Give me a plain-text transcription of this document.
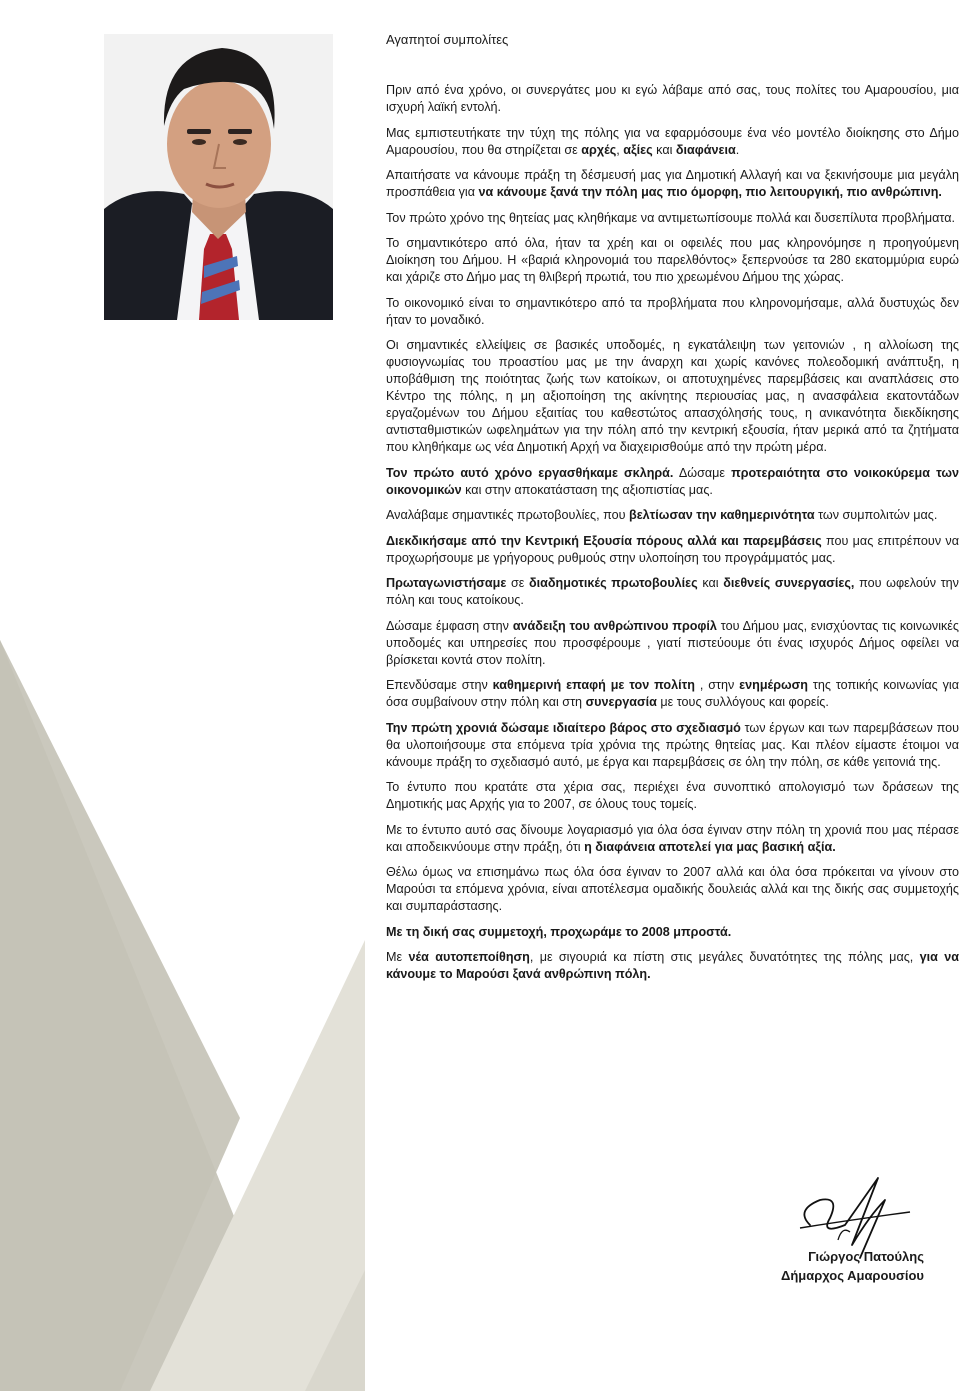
Αγαπητοί συμπολίτες

Πριν από ένα χρόνο, οι συνεργάτες μου κι εγώ λάβαμε από σας, τους πολίτες του Αμαρουσίου, μια ισχυρή λαϊκή εντολή.

Μας εμπιστευτήκατε την τύχη της πόλης για να εφαρμόσουμε ένα νέο μοντέλο διοίκησης στο Δήμο Αμαρουσίου, που θα στηρίζεται σε αρχές, αξίες και διαφάνεια.

Απαιτήσατε να κάνουμε πράξη τη δέσμευσή μας για Δημοτική Αλλαγή και να ξεκινήσουμε μια μεγάλη προσπάθεια για να κάνουμε ξανά την πόλη μας πιο όμορφη, πιο λειτουργική, πιο ανθρώπινη.

Τον πρώτο χρόνο της θητείας μας κληθήκαμε να αντιμετωπίσουμε πολλά και δυσεπίλυτα προβλήματα.

Το σημαντικότερο από όλα, ήταν τα χρέη και οι οφειλές που μας κληρονόμησε η προηγούμενη Διοίκηση του Δήμου. Η «βαριά κληρονομιά του παρελθόντος» ξεπερνούσε τα 280 εκατομμύρια ευρώ και χάριζε στο Δήμο μας τη θλιβερή πρωτιά, του πιο χρεωμένου Δήμου της χώρας.

Το οικονομικό είναι το σημαντικότερο από τα προβλήματα που κληρονομήσαμε, αλλά δυστυχώς δεν ήταν το μοναδικό.

Οι σημαντικές ελλείψεις σε βασικές υποδομές, η εγκατάλειψη των γειτονιών , η αλλοίωση της φυσιογνωμίας του προαστίου μας με την άναρχη και χωρίς κανόνες πολεοδομική ανάπτυξη, η υποβάθμιση της ποιότητας ζωής των κατοίκων, οι αποτυχημένες παρεμβάσεις και αναπλάσεις στο Κέντρο της πόλης, η μη αξιοποίηση της ακίνητης περιουσίας μας, η ανασφάλεια εκατοντάδων εργαζομένων του Δήμου εξαιτίας του καθεστώτος απασχόλησής τους, η ανικανότητα διεκδίκησης αντισταθμιστικών ωφελημάτων για την πόλη από την κεντρική εξουσία, ήταν μερικά από τα ζητήματα που κληθήκαμε ως νέα Δημοτική Αρχή να διαχειρισθούμε από την πρώτη μέρα.

Τον πρώτο αυτό χρόνο εργασθήκαμε σκληρά. Δώσαμε προτεραιότητα στο νοικοκύρεμα των οικονομικών και στην αποκατάσταση της αξιοπιστίας μας.

Αναλάβαμε σημαντικές πρωτοβουλίες, που βελτίωσαν την καθημερινότητα των συμπολιτών μας.

Διεκδικήσαμε από την Κεντρική Εξουσία πόρους αλλά και παρεμβάσεις που μας επιτρέπουν να προχωρήσουμε με γρήγορους ρυθμούς στην υλοποίηση του προγράμματός μας.

Πρωταγωνιστήσαμε σε διαδημοτικές πρωτοβουλίες και διεθνείς συνεργασίες, που ωφελούν την πόλη και τους κατοίκους.

Δώσαμε έμφαση στην ανάδειξη του ανθρώπινου προφίλ του Δήμου μας, ενισχύοντας τις κοινωνικές υποδομές και υπηρεσίες που προσφέρουμε , γιατί πιστεύουμε ότι ένας ισχυρός Δήμος οφείλει να βρίσκεται κοντά στον πολίτη.

Επενδύσαμε στην καθημερινή επαφή με τον πολίτη , στην ενημέρωση της τοπικής κοινωνίας για όσα συμβαίνουν στην πόλη και στη συνεργασία με τους συλλόγους και φορείς.

Την πρώτη χρονιά δώσαμε ιδιαίτερο βάρος στο σχεδιασμό των έργων και των παρεμβάσεων που θα υλοποιήσουμε στα επόμενα τρία χρόνια της πρώτης θητείας μας. Και πλέον είμαστε έτοιμοι να κάνουμε πράξη το σχεδιασμό αυτό, με έργα και παρεμβάσεις σε όλη την πόλη, σε κάθε γειτονιά της.

Το έντυπο που κρατάτε στα χέρια σας, περιέχει ένα συνοπτικό απολογισμό των δράσεων της Δημοτικής μας Αρχής για το 2007, σε όλους τους τομείς.

Με το έντυπο αυτό σας δίνουμε λογαριασμό για όλα όσα έγιναν στην πόλη τη χρονιά που μας πέρασε και αποδεικνύουμε στην πράξη, ότι η διαφάνεια αποτελεί για μας βασική αξία.

Θέλω όμως να επισημάνω πως όλα όσα έγιναν το 2007 αλλά και όλα όσα πρόκειται να γίνουν στο Μαρούσι τα επόμενα χρόνια, είναι αποτέλεσμα ομαδικής δουλειάς αλλά και της δικής σας συμμετοχής και συμπαράστασης.

Με τη δική σας συμμετοχή, προχωράμε το 2008 μπροστά.

Με νέα αυτοπεποίθηση, με σιγουριά κα πίστη στις μεγάλες δυνατότητες της πόλης μας, για να κάνουμε το Μαρούσι ξανά ανθρώπινη πόλη.

Γιώργος Πατούλης
Δήμαρχος Αμαρουσίου
